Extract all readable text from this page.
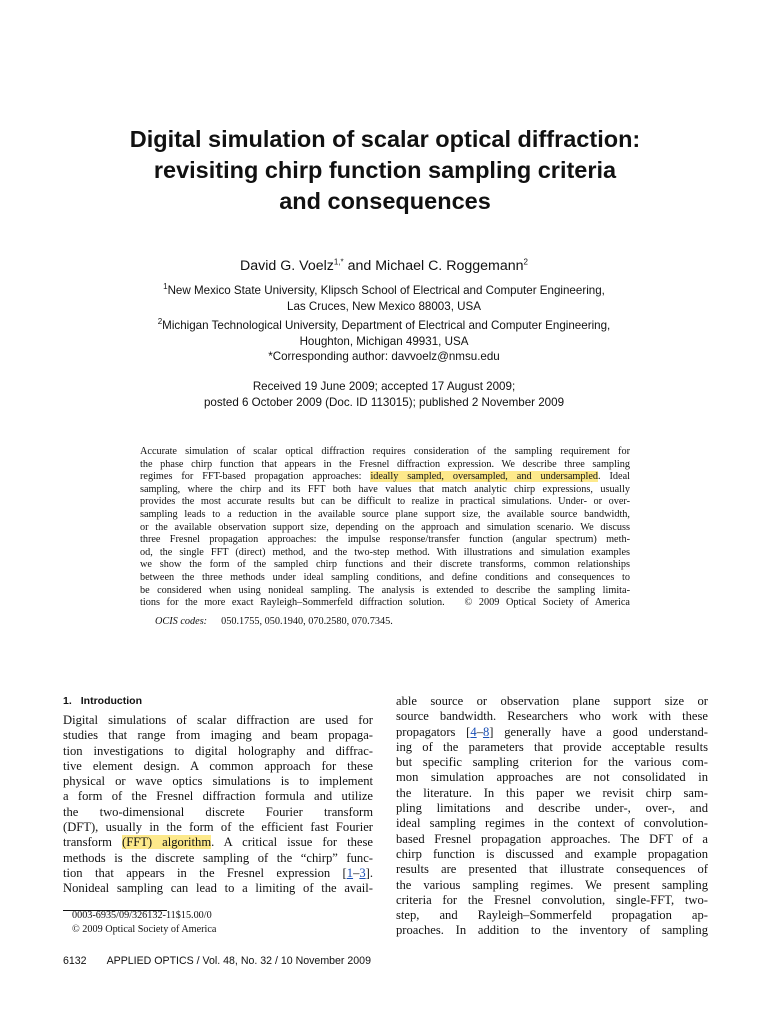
Digital simulation of scalar optical diffraction:
revisiting chirp function sampling criteria
and consequences
David G. Voelz$^{1,*}$ and Michael C. Roggemann$^2$
$^1$New Mexico State University, Klipsch School of Electrical and Computer Engineering,
Las Cruces, New Mexico 88003, USA
$^2$Michigan Technological University, Department of Electrical and Computer Engineering,
Houghton, Michigan 49931, USA
*Corresponding author: davvoelz@nmsu.edu
Received 19 June 2009; accepted 17 August 2009;
posted 6 October 2009 (Doc. ID 113015); published 2 November 2009
Accurate simulation of scalar optical diffraction requires consideration of the sampling requirement for
the phase chirp function that appears in the Fresnel diffraction expression. We describe three sampling
regimes for FFT-based propagation approaches: ideally sampled, oversampled, and undersampled. Ideal
sampling, where the chirp and its FFT both have values that match analytic chirp expressions, usually
provides the most accurate results but can be difficult to realize in practical simulations. Under- or over-
sampling leads to a reduction in the available source plane support size, the available source bandwidth,
or the available observation support size, depending on the approach and simulation scenario. We discuss
three Fresnel propagation approaches: the impulse response/transfer function (angular spectrum) meth-
od, the single FFT (direct) method, and the two-step method. With illustrations and simulation examples
we show the form of the sampled chirp functions and their discrete transforms, common relationships
between the three methods under ideal sampling conditions, and define conditions and consequences to
be considered when using nonideal sampling. The analysis is extended to describe the sampling limita-
tions for the more exact Rayleigh–Sommerfeld diffraction solution.   © 2009 Optical Society of America
OCIS codes: 050.1755, 050.1940, 070.2580, 070.7345.
1. Introduction
Digital simulations of scalar diffraction are used for
studies that range from imaging and beam propaga-
tion investigations to digital holography and diffrac-
tive element design. A common approach for these
physical or wave optics simulations is to implement
a form of the Fresnel diffraction formula and utilize
the two-dimensional discrete Fourier transform
(DFT), usually in the form of the efficient fast Fourier
transform (FFT) algorithm. A critical issue for these
methods is the discrete sampling of the “chirp” func-
tion that appears in the Fresnel expression [1–3].
Nonideal sampling can lead to a limiting of the avail-
able source or observation plane support size or
source bandwidth. Researchers who work with these
propagators [4–8] generally have a good understand-
ing of the parameters that provide acceptable results
but specific sampling criterion for the various com-
mon simulation approaches are not consolidated in
the literature. In this paper we revisit chirp sam-
pling limitations and describe under-, over-, and
ideal sampling regimes in the context of convolution-
based Fresnel propagation approaches. The DFT of a
chirp function is discussed and example propagation
results are presented that illustrate consequences of
the various sampling regimes. We present sampling
criteria for the Fresnel convolution, single-FFT, two-
step, and Rayleigh–Sommerfeld propagation ap-
proaches. In addition to the inventory of sampling
0003-6935/09/326132-11$15.00/0
© 2009 Optical Society of America
6132 APPLIED OPTICS / Vol. 48, No. 32 / 10 November 2009
